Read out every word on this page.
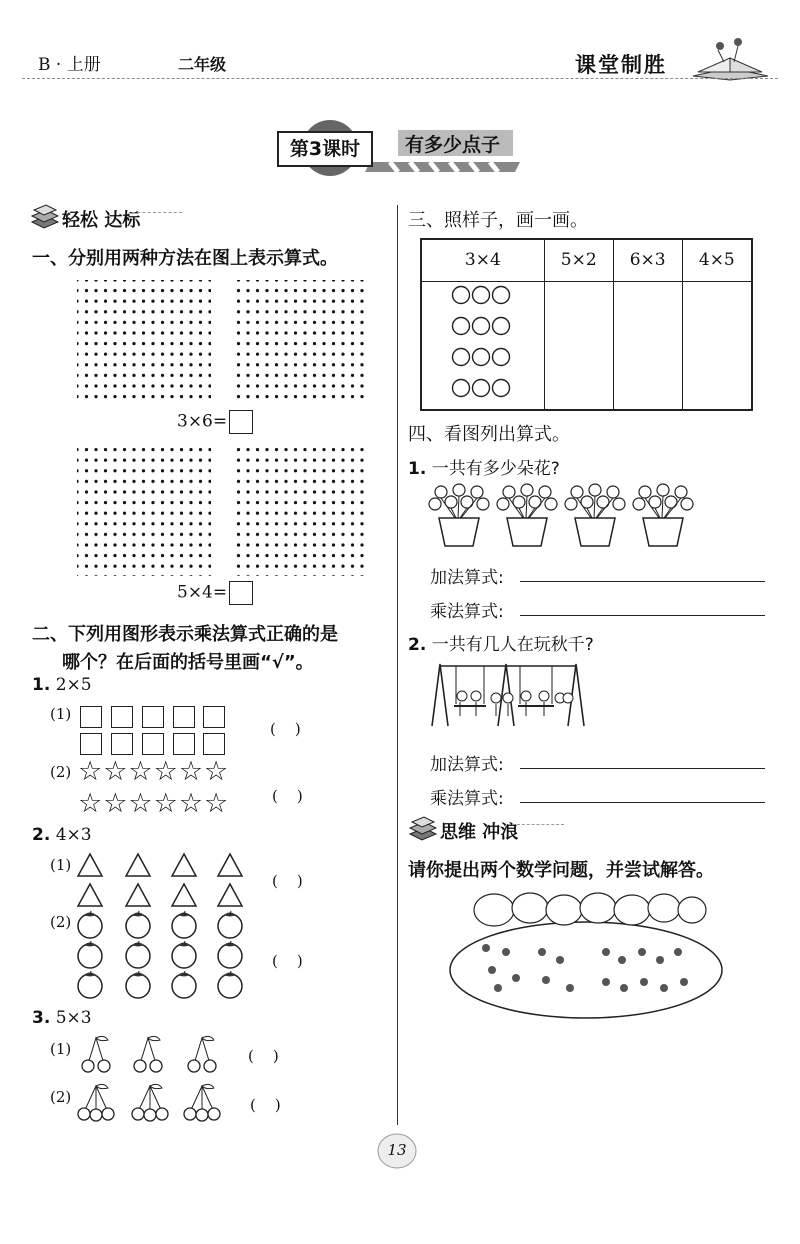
B · 上册	二年级	课堂制胜
第3课时	有多少点子
轻松 达标
一、分别用两种方法在图上表示算式。
3×6=
5×4=
二、下列用图形表示乘法算式正确的是
哪个？在后面的括号里画“√”。
1. 2×5
(1)
(　)
(2) ☆☆☆☆☆☆
☆☆☆☆☆☆	(　)
2. 4×3
(1)
(　)
(2)
(　)
3. 5×3
(1)	(　)
(2)	(　)
三、照样子，画一画。
3×4	5×2	6×3	4×5

四、看图列出算式。
1. 一共有多少朵花?
加法算式:
乘法算式:
2. 一共有几人在玩秋千?
加法算式:
乘法算式:
思维 冲浪
请你提出两个数学问题，并尝试解答。
13
